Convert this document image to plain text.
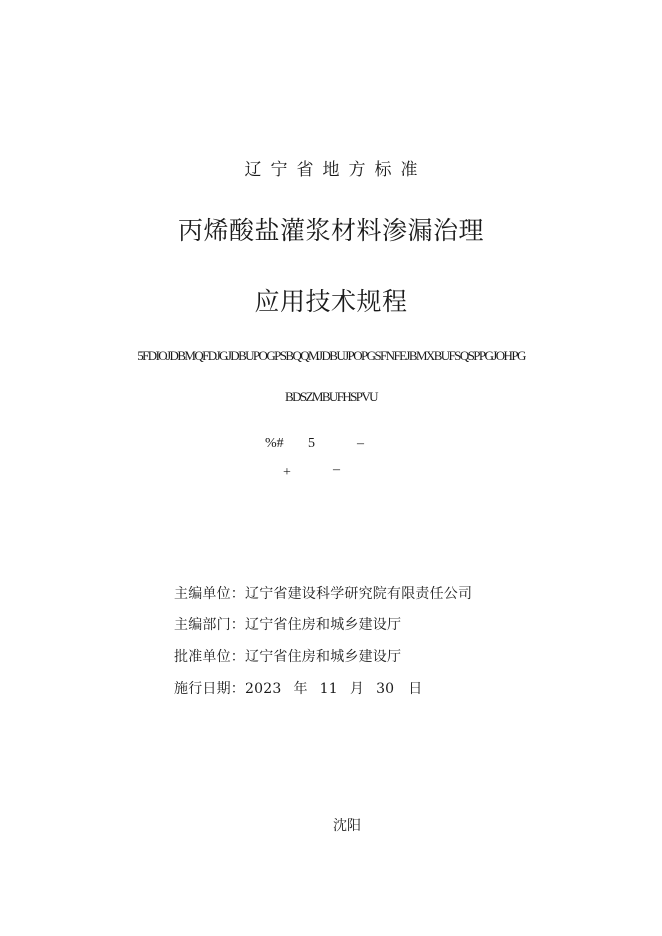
辽宁省地方标准
丙烯酸盐灌浆材料渗漏治理
应用技术规程
5FDIOJDBMQFDJGJDBUPOGPSBQQMJDBUJPOPGSFNFEJBMXBUFSQSPPGJOHPG
BDSZMBUFHSPVU
%# 5	–
+	–
主编单位：辽宁省建设科学研究院有限责任公司
主编部门：辽宁省住房和城乡建设厅
批准单位：辽宁省住房和城乡建设厅
施行日期：2023 年 11 月 30 日
沈阳
